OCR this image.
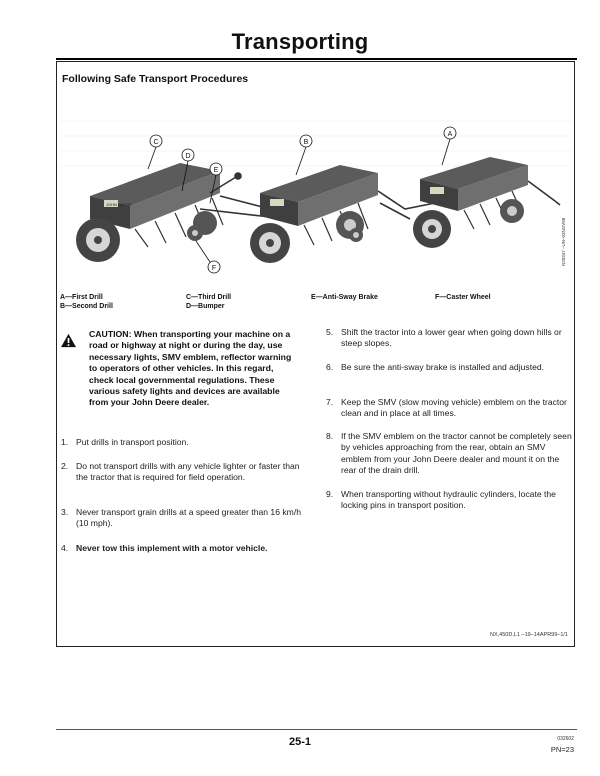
Transporting
Following Safe Transport Procedures
JOHN DEERE
C
D
E
F
B
A
N20347 –UN–03NOV98
A—First Drill
B—Second Drill
C—Third Drill
D—Bumper
E—Anti-Sway Brake	F—Caster Wheel
CAUTION: When transporting your machine on a road or highway at night or during the day, use necessary lights, SMV emblem, reflector warning to operators of other vehicles. In this regard, check local governmental regulations. These various safety lights and devices are available from your John Deere dealer.
1. Put drills in transport position.
2. Do not transport drills with any vehicle lighter or faster than the tractor that is required for field operation.
3. Never transport grain drills at a speed greater than 16 km/h (10 mph).
4. Never tow this implement with a motor vehicle.
5. Shift the tractor into a lower gear when going down hills or steep slopes.
6. Be sure the anti-sway brake is installed and adjusted.
7. Keep the SMV (slow moving vehicle) emblem on the tractor clean and in place at all times.
8. If the SMV emblem on the tractor cannot be completely seen by vehicles approaching from the rear, obtain an SMV emblem from your John Deere dealer and mount it on the rear of the drain drill.
9. When transporting without hydraulic cylinders, locate the locking pins in transport position.
NX,450D,L1 –19–14APR99–1/1
25-1	032602
PN=23
